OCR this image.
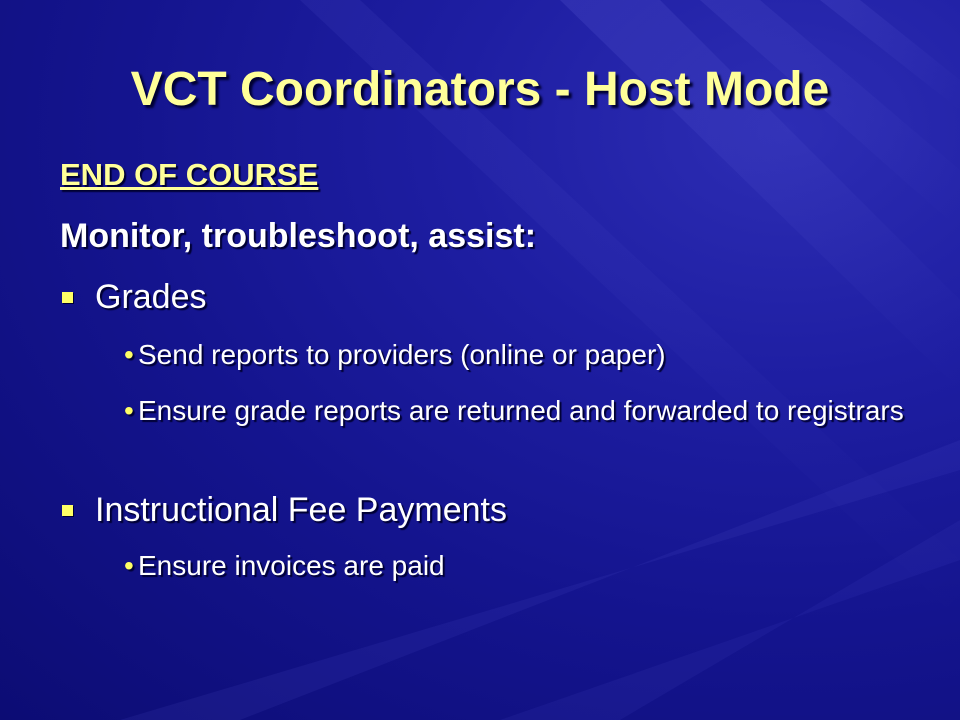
VCT Coordinators - Host Mode
END OF COURSE
Monitor, troubleshoot, assist:
Grades
• Send reports to providers (online or paper)
• Ensure grade reports are returned and forwarded to registrars
Instructional Fee Payments
• Ensure invoices are paid
